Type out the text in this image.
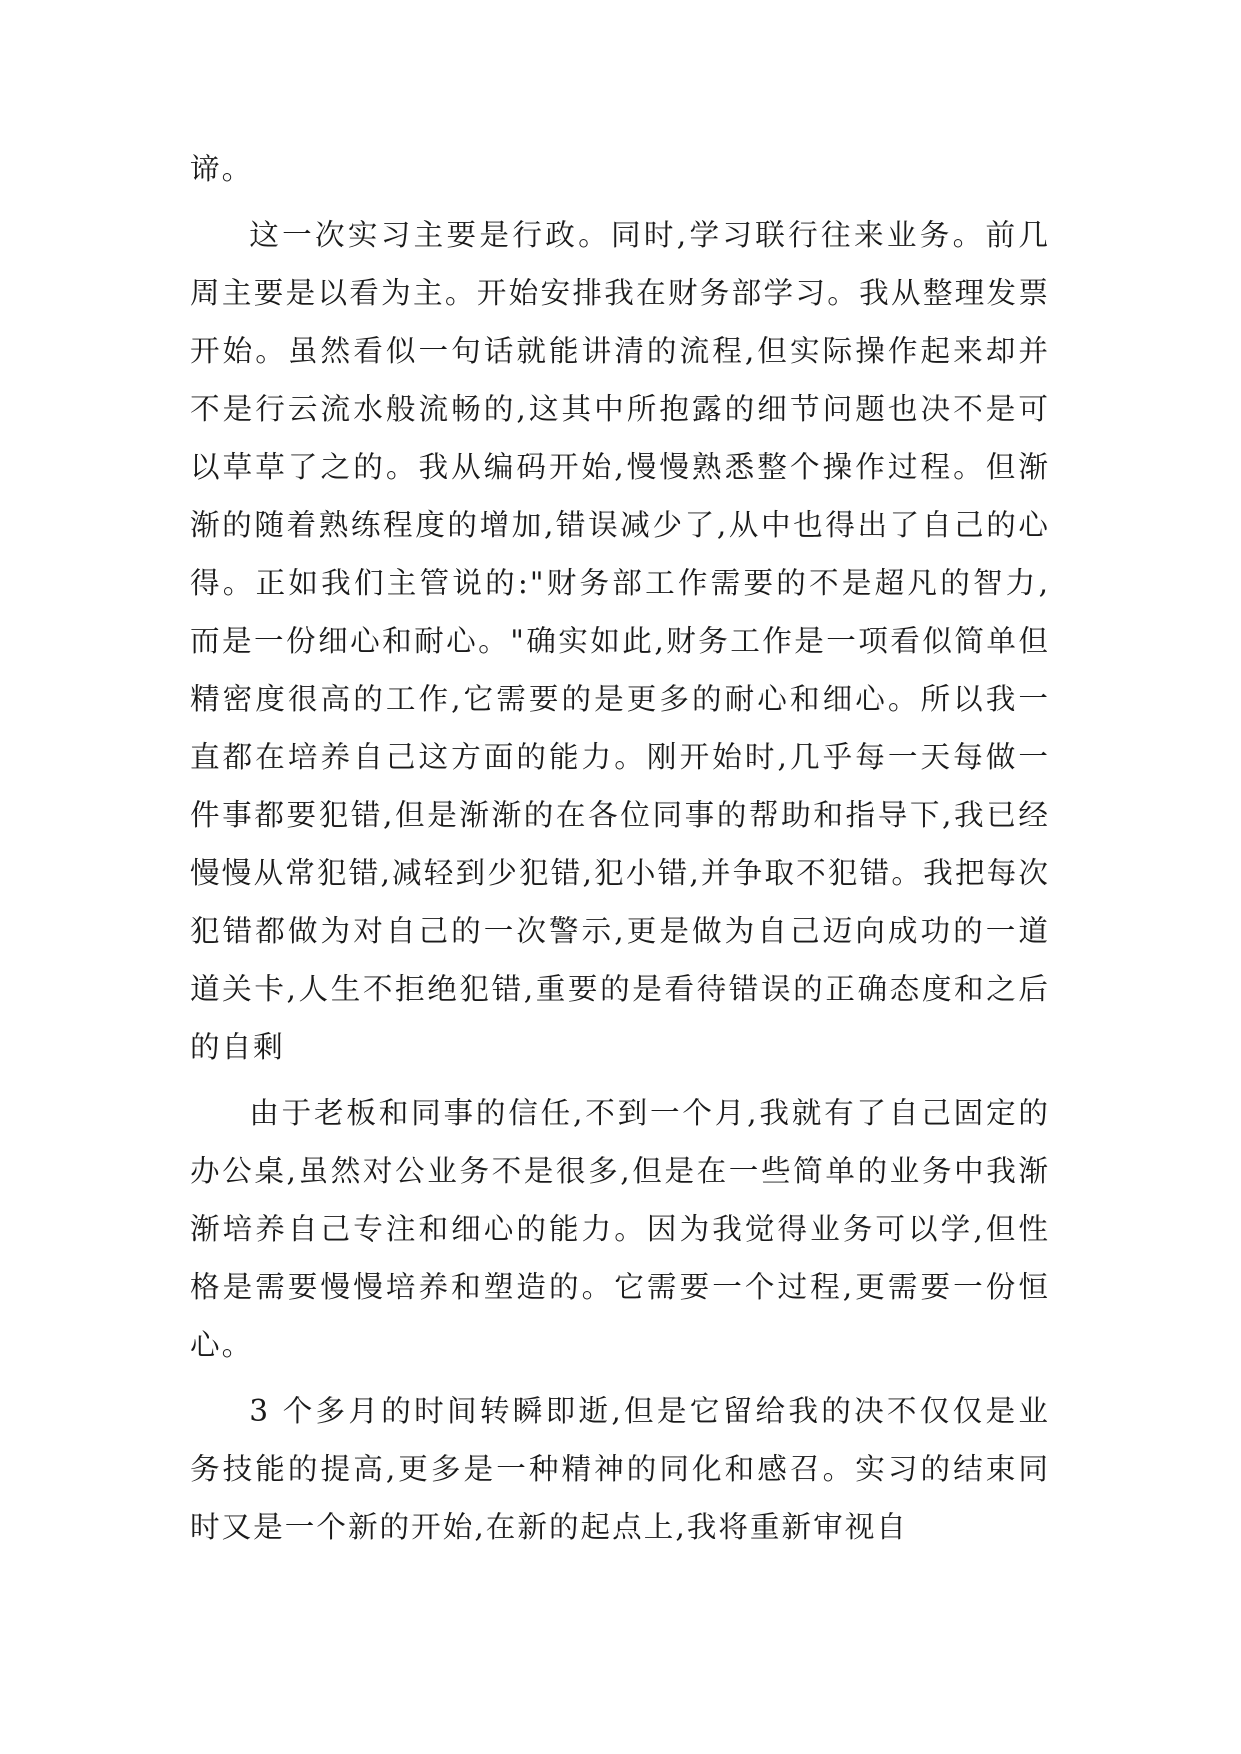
谛。

这一次实习主要是行政。同时,学习联行往来业务。前几周主要是以看为主。开始安排我在财务部学习。我从整理发票开始。虽然看似一句话就能讲清的流程,但实际操作起来却并不是行云流水般流畅的,这其中所抱露的细节问题也决不是可以草草了之的。我从编码开始,慢慢熟悉整个操作过程。但渐渐的随着熟练程度的增加,错误减少了,从中也得出了自己的心得。正如我们主管说的:"财务部工作需要的不是超凡的智力,而是一份细心和耐心。"确实如此,财务工作是一项看似简单但精密度很高的工作,它需要的是更多的耐心和细心。所以我一直都在培养自己这方面的能力。刚开始时,几乎每一天每做一件事都要犯错,但是渐渐的在各位同事的帮助和指导下,我已经慢慢从常犯错,减轻到少犯错,犯小错,并争取不犯错。我把每次犯错都做为对自己的一次警示,更是做为自己迈向成功的一道道关卡,人生不拒绝犯错,重要的是看待错误的正确态度和之后的自剩

由于老板和同事的信任,不到一个月,我就有了自己固定的办公桌,虽然对公业务不是很多,但是在一些简单的业务中我渐渐培养自己专注和细心的能力。因为我觉得业务可以学,但性格是需要慢慢培养和塑造的。它需要一个过程,更需要一份恒心。

3 个多月的时间转瞬即逝,但是它留给我的决不仅仅是业务技能的提高,更多是一种精神的同化和感召。实习的结束同时又是一个新的开始,在新的起点上,我将重新审视自
